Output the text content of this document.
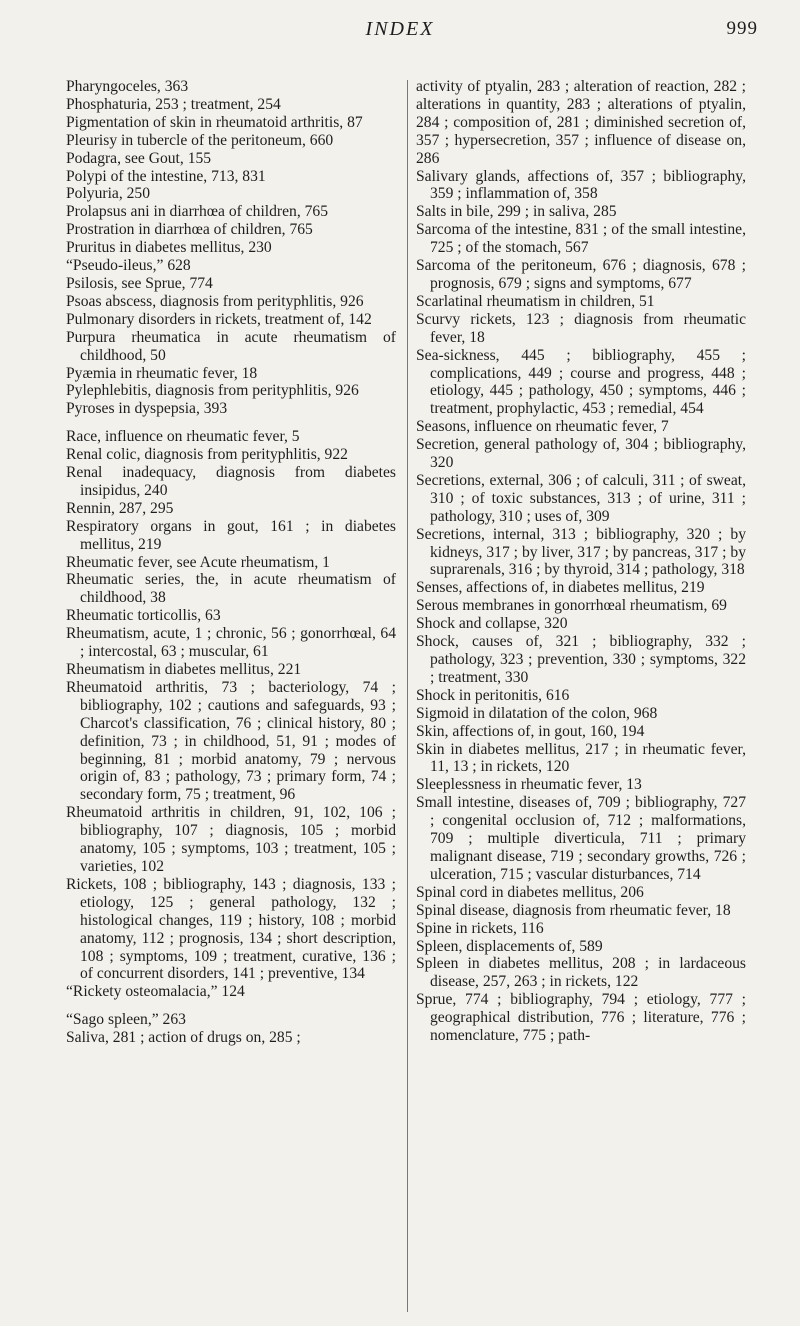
INDEX	999
Pharyngoceles, 363
Phosphaturia, 253 ; treatment, 254
Pigmentation of skin in rheumatoid arthritis, 87
Pleurisy in tubercle of the peritoneum, 660
Podagra, see Gout, 155
Polypi of the intestine, 713, 831
Polyuria, 250
Prolapsus ani in diarrhœa of children, 765
Prostration in diarrhœa of children, 765
Pruritus in diabetes mellitus, 230
“Pseudo-ileus,” 628
Psilosis, see Sprue, 774
Psoas abscess, diagnosis from perityphlitis, 926
Pulmonary disorders in rickets, treatment of, 142
Purpura rheumatica in acute rheumatism of childhood, 50
Pyæmia in rheumatic fever, 18
Pylephlebitis, diagnosis from perityphlitis, 926
Pyroses in dyspepsia, 393
Race, influence on rheumatic fever, 5
Renal colic, diagnosis from perityphlitis, 922
Renal inadequacy, diagnosis from diabetes insipidus, 240
Rennin, 287, 295
Respiratory organs in gout, 161 ; in diabetes mellitus, 219
Rheumatic fever, see Acute rheumatism, 1
Rheumatic series, the, in acute rheumatism of childhood, 38
Rheumatic torticollis, 63
Rheumatism, acute, 1 ; chronic, 56 ; gonorrhœal, 64 ; intercostal, 63 ; muscular, 61
Rheumatism in diabetes mellitus, 221
Rheumatoid arthritis, 73 ; bacteriology, 74 ; bibliography, 102 ; cautions and safeguards, 93 ; Charcot's classification, 76 ; clinical history, 80 ; definition, 73 ; in childhood, 51, 91 ; modes of beginning, 81 ; morbid anatomy, 79 ; nervous origin of, 83 ; pathology, 73 ; primary form, 74 ; secondary form, 75 ; treatment, 96
Rheumatoid arthritis in children, 91, 102, 106 ; bibliography, 107 ; diagnosis, 105 ; morbid anatomy, 105 ; symptoms, 103 ; treatment, 105 ; varieties, 102
Rickets, 108 ; bibliography, 143 ; diagnosis, 133 ; etiology, 125 ; general pathology, 132 ; histological changes, 119 ; history, 108 ; morbid anatomy, 112 ; prognosis, 134 ; short description, 108 ; symptoms, 109 ; treatment, curative, 136 ; of concurrent disorders, 141 ; preventive, 134
“Rickety osteomalacia,” 124
“Sago spleen,” 263
Saliva, 281 ; action of drugs on, 285 ;
activity of ptyalin, 283 ; alteration of reaction, 282 ; alterations in quantity, 283 ; alterations of ptyalin, 284 ; composition of, 281 ; diminished secretion of, 357 ; hypersecretion, 357 ; influence of disease on, 286
Salivary glands, affections of, 357 ; bibliography, 359 ; inflammation of, 358
Salts in bile, 299 ; in saliva, 285
Sarcoma of the intestine, 831 ; of the small intestine, 725 ; of the stomach, 567
Sarcoma of the peritoneum, 676 ; diagnosis, 678 ; prognosis, 679 ; signs and symptoms, 677
Scarlatinal rheumatism in children, 51
Scurvy rickets, 123 ; diagnosis from rheumatic fever, 18
Sea-sickness, 445 ; bibliography, 455 ; complications, 449 ; course and progress, 448 ; etiology, 445 ; pathology, 450 ; symptoms, 446 ; treatment, prophylactic, 453 ; remedial, 454
Seasons, influence on rheumatic fever, 7
Secretion, general pathology of, 304 ; bibliography, 320
Secretions, external, 306 ; of calculi, 311 ; of sweat, 310 ; of toxic substances, 313 ; of urine, 311 ; pathology, 310 ; uses of, 309
Secretions, internal, 313 ; bibliography, 320 ; by kidneys, 317 ; by liver, 317 ; by pancreas, 317 ; by suprarenals, 316 ; by thyroid, 314 ; pathology, 318
Senses, affections of, in diabetes mellitus, 219
Serous membranes in gonorrhœal rheumatism, 69
Shock and collapse, 320
Shock, causes of, 321 ; bibliography, 332 ; pathology, 323 ; prevention, 330 ; symptoms, 322 ; treatment, 330
Shock in peritonitis, 616
Sigmoid in dilatation of the colon, 968
Skin, affections of, in gout, 160, 194
Skin in diabetes mellitus, 217 ; in rheumatic fever, 11, 13 ; in rickets, 120
Sleeplessness in rheumatic fever, 13
Small intestine, diseases of, 709 ; bibliography, 727 ; congenital occlusion of, 712 ; malformations, 709 ; multiple diverticula, 711 ; primary malignant disease, 719 ; secondary growths, 726 ; ulceration, 715 ; vascular disturbances, 714
Spinal cord in diabetes mellitus, 206
Spinal disease, diagnosis from rheumatic fever, 18
Spine in rickets, 116
Spleen, displacements of, 589
Spleen in diabetes mellitus, 208 ; in lardaceous disease, 257, 263 ; in rickets, 122
Sprue, 774 ; bibliography, 794 ; etiology, 777 ; geographical distribution, 776 ; literature, 776 ; nomenclature, 775 ; path-
